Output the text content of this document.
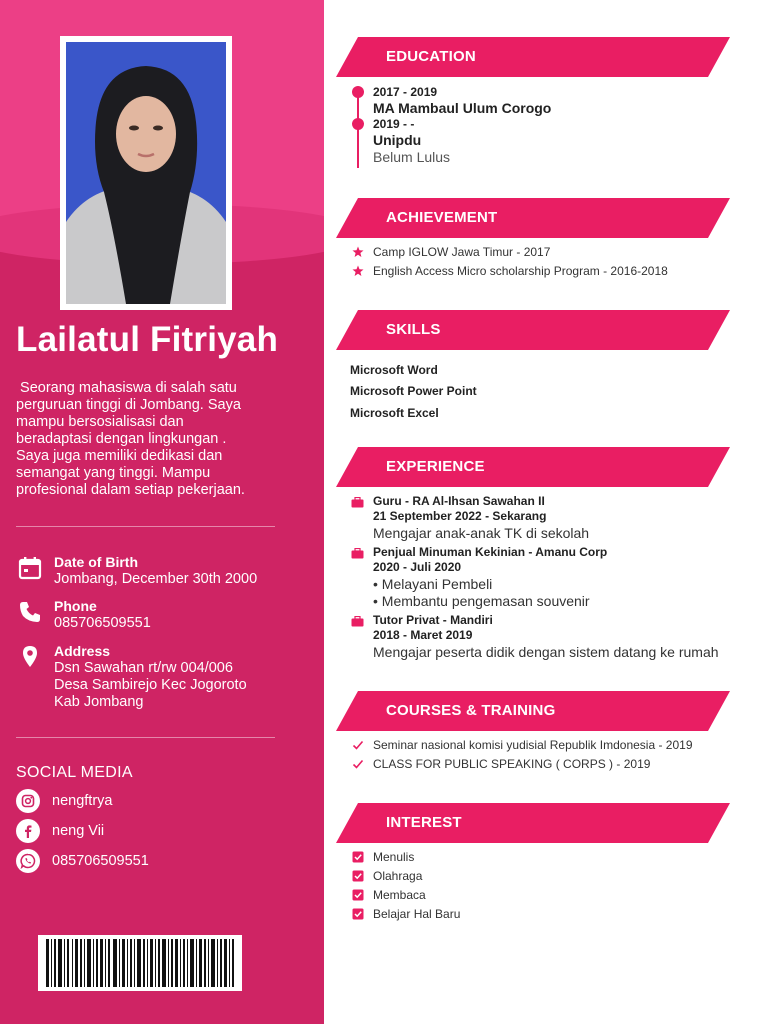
Lailatul Fitriyah
Seorang mahasiswa di salah satu
perguruan tinggi di Jombang. Saya
mampu bersosialisasi dan
beradaptasi dengan lingkungan .
Saya juga memiliki dedikasi dan
semangat yang tinggi. Mampu
profesional dalam setiap pekerjaan.
Date of Birth
Jombang, December 30th 2000
Phone
085706509551
Address
Dsn Sawahan rt/rw 004/006
Desa Sambirejo Kec Jogoroto
Kab Jombang
SOCIAL MEDIA
nengftrya
neng Vii
085706509551
EDUCATION
2017 - 2019
MA Mambaul Ulum Corogo
2019 - -
Unipdu
Belum Lulus
ACHIEVEMENT
Camp IGLOW Jawa Timur - 2017
English Access Micro scholarship Program - 2016-2018
SKILLS
Microsoft Word
Microsoft Power Point
Microsoft Excel
EXPERIENCE
Guru - RA Al-Ihsan Sawahan II
21 September 2022 - Sekarang
Mengajar anak-anak TK di sekolah
Penjual Minuman Kekinian - Amanu Corp
2020 - Juli 2020
• Melayani Pembeli
• Membantu pengemasan souvenir
Tutor Privat - Mandiri
2018 - Maret 2019
Mengajar peserta didik dengan sistem datang ke rumah
COURSES & TRAINING
Seminar nasional komisi yudisial Republik Imdonesia - 2019
CLASS FOR PUBLIC SPEAKING ( CORPS ) - 2019
INTEREST
Menulis
Olahraga
Membaca
Belajar Hal Baru
